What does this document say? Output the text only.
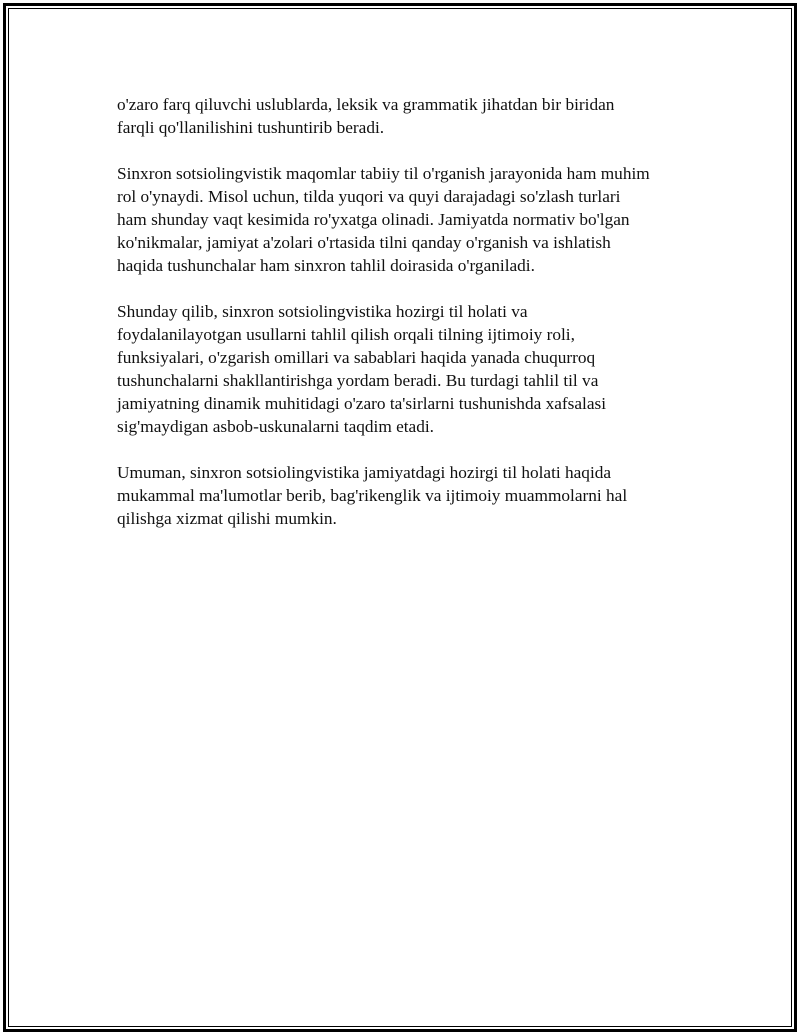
o'zaro farq qiluvchi uslublarda, leksik va grammatik jihatdan bir biridan
farqli qo'llanilishini tushuntirib beradi.

Sinxron sotsiolingvistik maqomlar tabiiy til o'rganish jarayonida ham muhim
rol o'ynaydi. Misol uchun, tilda yuqori va quyi darajadagi so'zlash turlari
ham shunday vaqt kesimida ro'yxatga olinadi. Jamiyatda normativ bo'lgan
ko'nikmalar, jamiyat a'zolari o'rtasida tilni qanday o'rganish va ishlatish
haqida tushunchalar ham sinxron tahlil doirasida o'rganiladi.

Shunday qilib, sinxron sotsiolingvistika hozirgi til holati va
foydalanilayotgan usullarni tahlil qilish orqali tilning ijtimoiy roli,
funksiyalari, o'zgarish omillari va sabablari haqida yanada chuqurroq
tushunchalarni shakllantirishga yordam beradi. Bu turdagi tahlil til va
jamiyatning dinamik muhitidagi o'zaro ta'sirlarni tushunishda xafsalasi
sig'maydigan asbob-uskunalarni taqdim etadi.

Umuman, sinxron sotsiolingvistika jamiyatdagi hozirgi til holati haqida
mukammal ma'lumotlar berib, bag'rikenglik va ijtimoiy muammolarni hal
qilishga xizmat qilishi mumkin.
